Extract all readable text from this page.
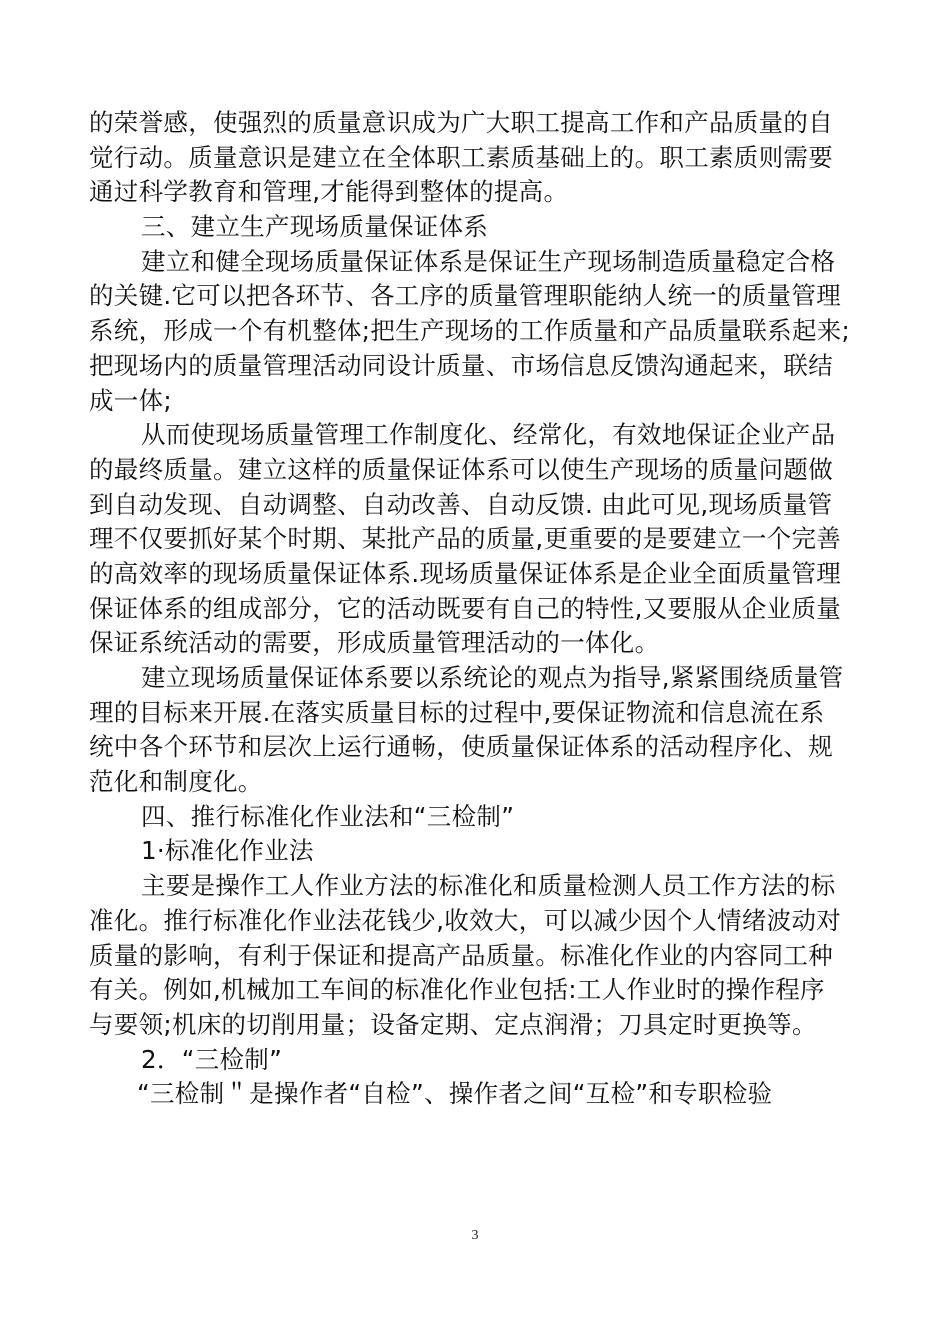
的荣誉感，使强烈的质量意识成为广大职工提高工作和产品质量的自
觉行动。质量意识是建立在全体职工素质基础上的。职工素质则需要
通过科学教育和管理,才能得到整体的提高。
三、建立生产现场质量保证体系
建立和健全现场质量保证体系是保证生产现场制造质量稳定合格
的关键.它可以把各环节、各工序的质量管理职能纳人统一的质量管理
系统，形成一个有机整体;把生产现场的工作质量和产品质量联系起来;
把现场内的质量管理活动同设计质量、市场信息反馈沟通起来，联结
成一体;
从而使现场质量管理工作制度化、经常化，有效地保证企业产品
的最终质量。建立这样的质量保证体系可以使生产现场的质量问题做
到自动发现、自动调整、自动改善、自动反馈. 由此可见,现场质量管
理不仅要抓好某个时期、某批产品的质量,更重要的是要建立一个完善
的高效率的现场质量保证体系.现场质量保证体系是企业全面质量管理
保证体系的组成部分，它的活动既要有自己的特性,又要服从企业质量
保证系统活动的需要，形成质量管理活动的一体化。
建立现场质量保证体系要以系统论的观点为指导,紧紧围绕质量管
理的目标来开展.在落实质量目标的过程中,要保证物流和信息流在系
统中各个环节和层次上运行通畅，使质量保证体系的活动程序化、规
范化和制度化。
四、推行标准化作业法和“三检制”
1·标准化作业法
主要是操作工人作业方法的标准化和质量检测人员工作方法的标
准化。推行标准化作业法花钱少,收效大，可以减少因个人情绪波动对
质量的影响，有利于保证和提高产品质量。标准化作业的内容同工种
有关。例如,机械加工车间的标准化作业包括:工人作业时的操作程序
与要领;机床的切削用量；设备定期、定点润滑；刀具定时更换等。
2．“三检制”
“三检制＂是操作者“自检”、操作者之间“互检”和专职检验
3
